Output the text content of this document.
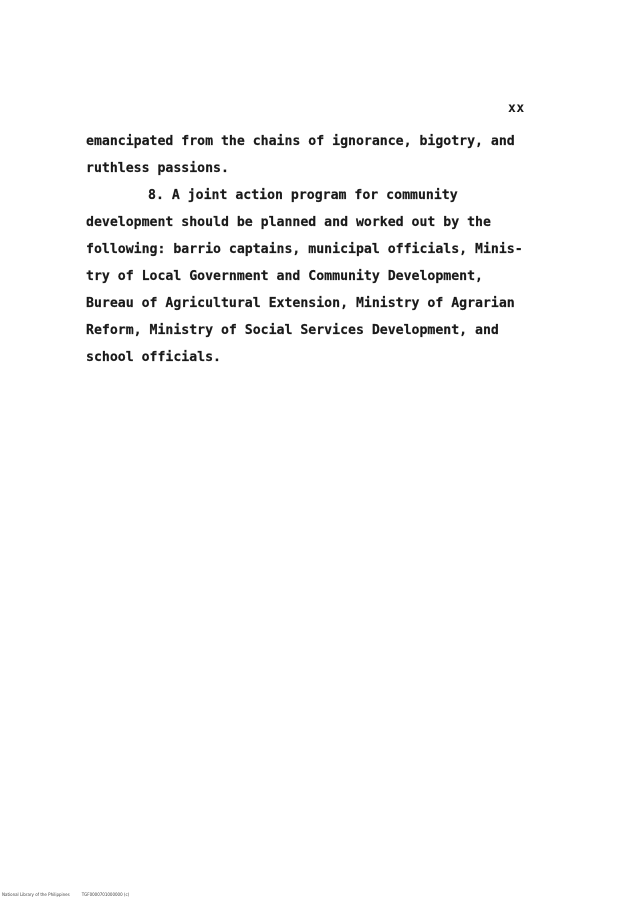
xx
emancipated from the chains of ignorance, bigotry, and
ruthless passions.
8. A joint action program for community
development should be planned and worked out by the
following: barrio captains, municipal officials, Minis-
try of Local Government and Community Development,
Bureau of Agricultural Extension, Ministry of Agrarian
Reform, Ministry of Social Services Development, and
school officials.
National Library of the Philippines	TGF0000701000000 (c)
